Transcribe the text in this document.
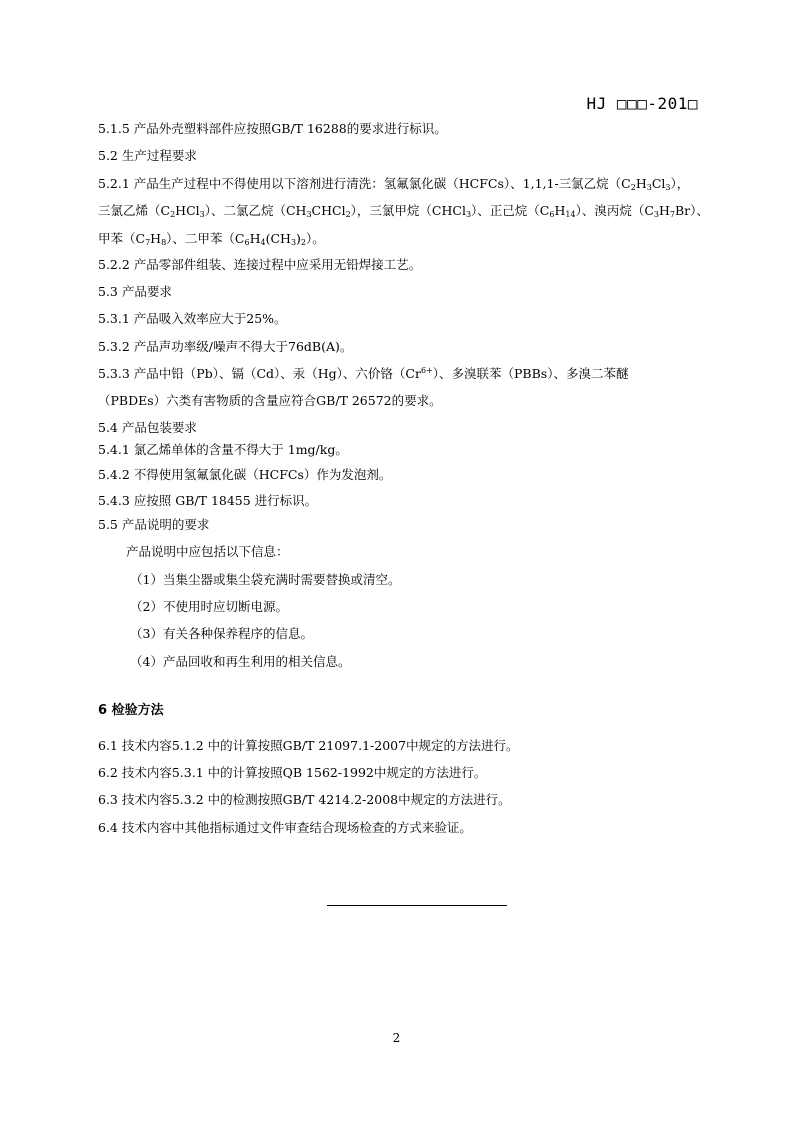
HJ □□□-201□
5.1.5 产品外壳塑料部件应按照GB/T 16288的要求进行标识。
5.2 生产过程要求
5.2.1 产品生产过程中不得使用以下溶剂进行清洗：氢氟氯化碳（HCFCs）、1,1,1-三氯乙烷$(C_2H_3Cl_3)$，
三氯乙烯$(C_2HCl_3)$、二氯乙烷$(CH_3CHCl_2)$，三氯甲烷（CHCl$_3$）、正己烷$(C_6H_{14})$、溴丙烷$(C_3H_7Br)$、
甲苯$(C_7H_8)$、二甲苯$(C_6H_4(CH_3)_2)$。
5.2.2 产品零部件组装、连接过程中应采用无铅焊接工艺。
5.3 产品要求
5.3.1 产品吸入效率应大于25%。
5.3.2 产品声功率级/噪声不得大于76dB(A)。
5.3.3 产品中铅（Pb）、镉（Cd）、汞（Hg）、六价铬$(Cr^{6+})$、多溴联苯（PBBs）、多溴二苯醚
（PBDEs）六类有害物质的含量应符合GB/T 26572的要求。
5.4 产品包装要求
5.4.1 氯乙烯单体的含量不得大于 1mg/kg。
5.4.2 不得使用氢氟氯化碳（HCFCs）作为发泡剂。
5.4.3 应按照 GB/T 18455 进行标识。
5.5 产品说明的要求
产品说明中应包括以下信息：
（1）当集尘器或集尘袋充满时需要替换或清空。
（2）不使用时应切断电源。
（3）有关各种保养程序的信息。
（4）产品回收和再生利用的相关信息。
6 检验方法
6.1 技术内容5.1.2 中的计算按照GB/T 21097.1-2007中规定的方法进行。
6.2 技术内容5.3.1 中的计算按照QB 1562-1992中规定的方法进行。
6.3 技术内容5.3.2 中的检测按照GB/T 4214.2-2008中规定的方法进行。
6.4 技术内容中其他指标通过文件审查结合现场检查的方式来验证。
2
